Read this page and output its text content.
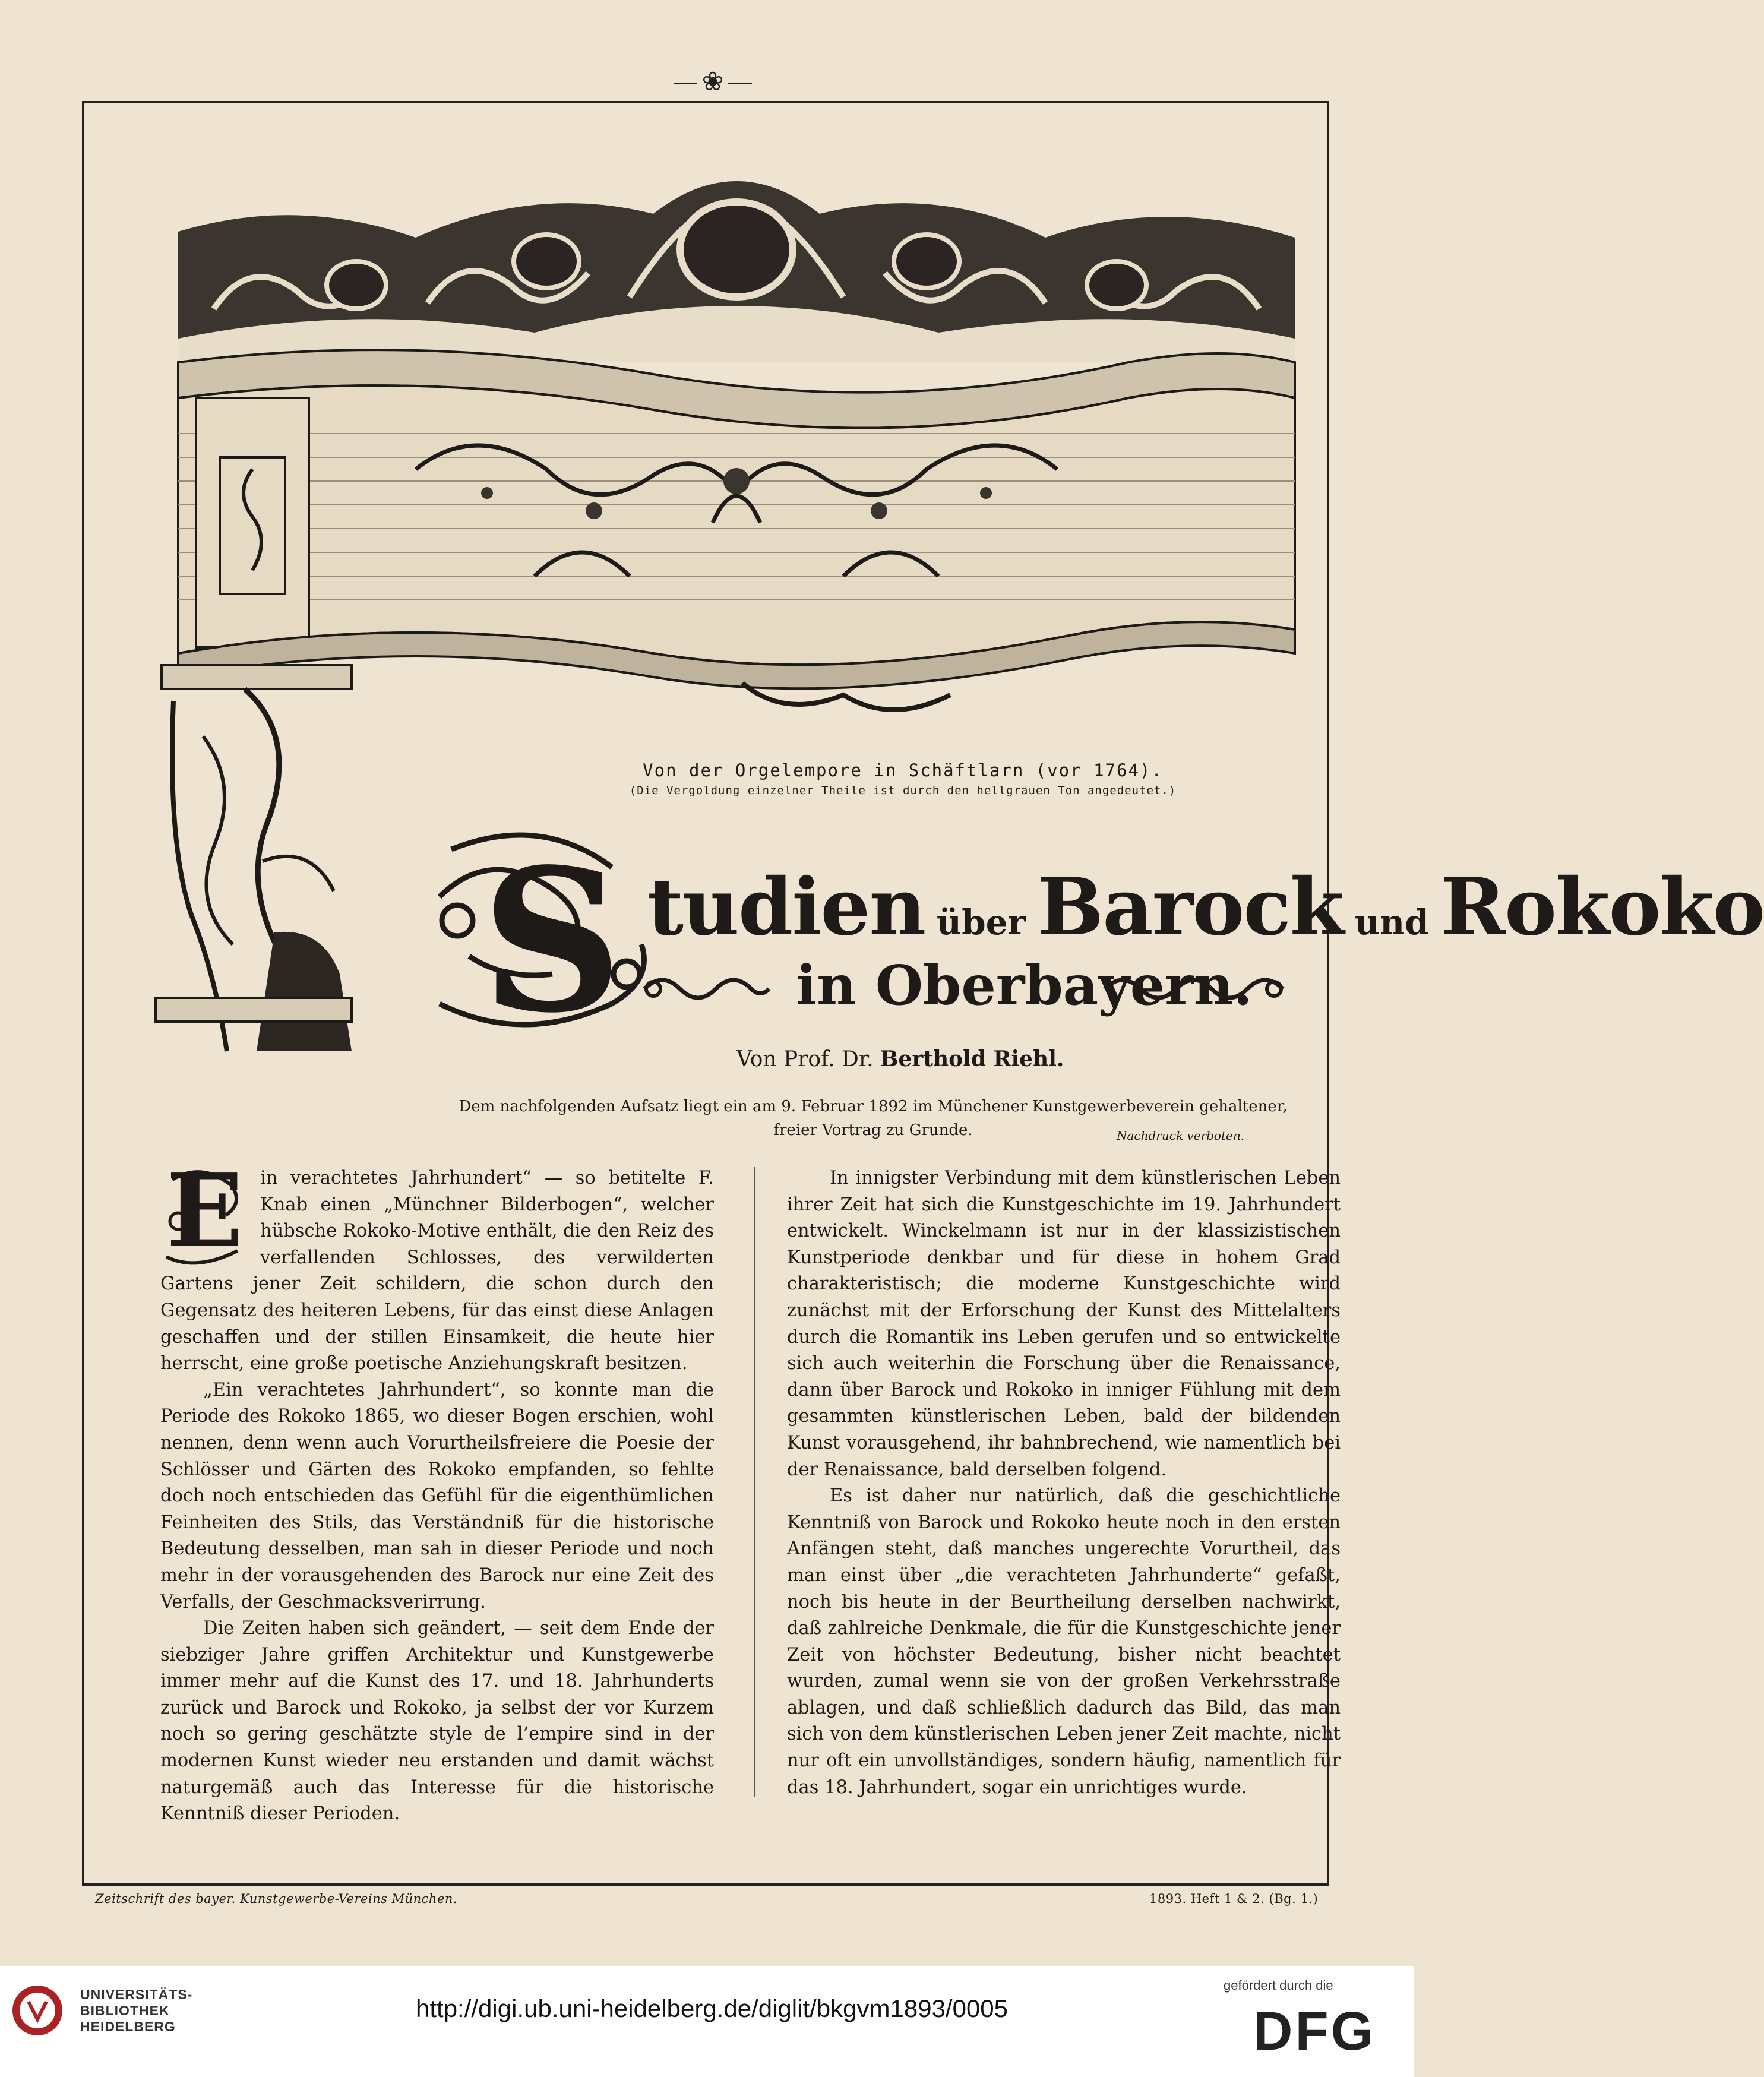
❀
Von der Orgelempore in Schäftlarn (vor 1764).
(Die Vergoldung einzelner Theile ist durch den hellgrauen Ton angedeutet.)
S tudien über Barock und Rokoko
in Oberbayern.
Von Prof. Dr. Berthold Riehl.
Dem nachfolgenden Aufsatz liegt ein am 9. Februar 1892 im Münchener Kunstgewerbeverein gehaltener,
freier Vortrag zu Grunde.	Nachdruck verboten.
E in verachtetes Jahrhundert“ — so betitelte F. Knab einen „Münchner Bilderbogen“, welcher hübsche Rokoko-Motive enthält, die den Reiz des verfallenden Schlosses, des verwilderten Gartens jener Zeit schildern, die schon durch den Gegensatz des heiteren Lebens, für das einst diese Anlagen geschaffen und der stillen Einsamkeit, die heute hier herrscht, eine große poetische Anziehungskraft besitzen.

„Ein verachtetes Jahrhundert“, so konnte man die Periode des Rokoko 1865, wo dieser Bogen erschien, wohl nennen, denn wenn auch Vorurtheilsfreiere die Poesie der Schlösser und Gärten des Rokoko empfanden, so fehlte doch noch entschieden das Gefühl für die eigenthümlichen Feinheiten des Stils, das Verständniß für die historische Bedeutung desselben, man sah in dieser Periode und noch mehr in der vorausgehenden des Barock nur eine Zeit des Verfalls, der Geschmacksverirrung.

Die Zeiten haben sich geändert, — seit dem Ende der siebziger Jahre griffen Architektur und Kunstgewerbe immer mehr auf die Kunst des 17. und 18. Jahrhunderts zurück und Barock und Rokoko, ja selbst der vor Kurzem noch so gering geschätzte style de l’empire sind in der modernen Kunst wieder neu erstanden und damit wächst naturgemäß auch das Interesse für die historische Kenntniß dieser Perioden.

In innigster Verbindung mit dem künstlerischen Leben ihrer Zeit hat sich die Kunstgeschichte im 19. Jahrhundert entwickelt. Winckelmann ist nur in der klassizistischen Kunstperiode denkbar und für diese in hohem Grad charakteristisch; die moderne Kunstgeschichte wird zunächst mit der Erforschung der Kunst des Mittelalters durch die Romantik ins Leben gerufen und so entwickelte sich auch weiterhin die Forschung über die Renaissance, dann über Barock und Rokoko in inniger Fühlung mit dem gesammten künstlerischen Leben, bald der bildenden Kunst vorausgehend, ihr bahnbrechend, wie namentlich bei der Renaissance, bald derselben folgend.

Es ist daher nur natürlich, daß die geschichtliche Kenntniß von Barock und Rokoko heute noch in den ersten Anfängen steht, daß manches ungerechte Vorurtheil, das man einst über „die verachteten Jahrhunderte“ gefaßt, noch bis heute in der Beurtheilung derselben nachwirkt, daß zahlreiche Denkmale, die für die Kunstgeschichte jener Zeit von höchster Bedeutung, bisher nicht beachtet wurden, zumal wenn sie von der großen Verkehrsstraße ablagen, und daß schließlich dadurch das Bild, das man sich von dem künstlerischen Leben jener Zeit machte, nicht nur oft ein unvollständiges, sondern häufig, namentlich für das 18. Jahrhundert, sogar ein unrichtiges wurde.

Zeitschrift des bayer. Kunstgewerbe-Vereins München.	1893. Heft 1 & 2. (Bg. 1.)
UNIVERSITÄTS-
BIBLIOTHEK
HEIDELBERG
http://digi.ub.uni-heidelberg.de/diglit/bkgvm1893/0005
gefördert durch die
DFG
